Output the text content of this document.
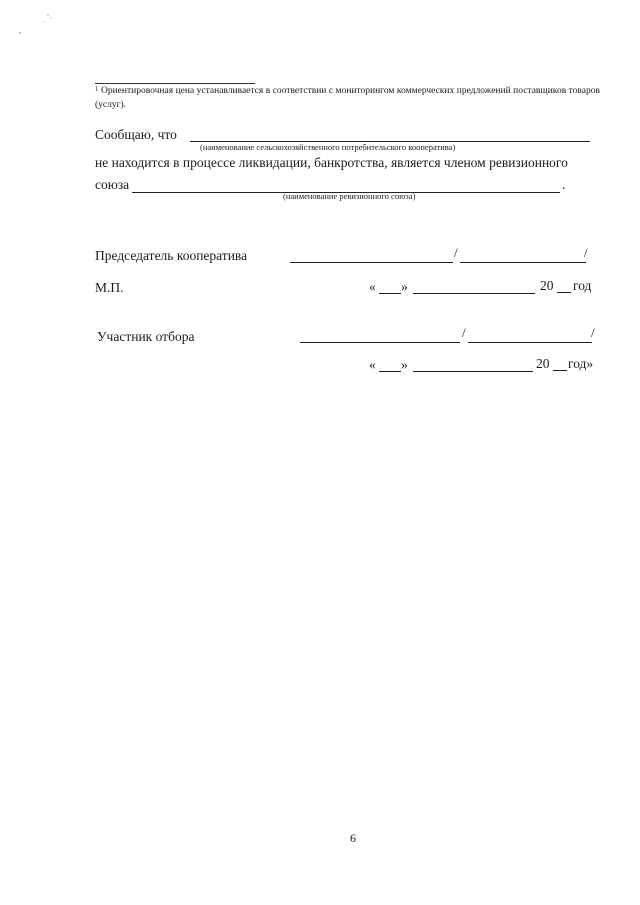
$^1$ Ориентировочная цена устанавливается в соответствии с мониторингом коммерческих предложений поставщиков товаров (услуг).
Сообщаю, что
(наименование сельскохозяйственного потребительского кооператива)
не находится в процессе ликвидации, банкротства, является членом ревизионного
союза	.
(наименование ревизионного союза)
Председатель кооператива	/	/
М.П.	« »	20 год
Участник отбора	/	/
« »	20 год»
6
